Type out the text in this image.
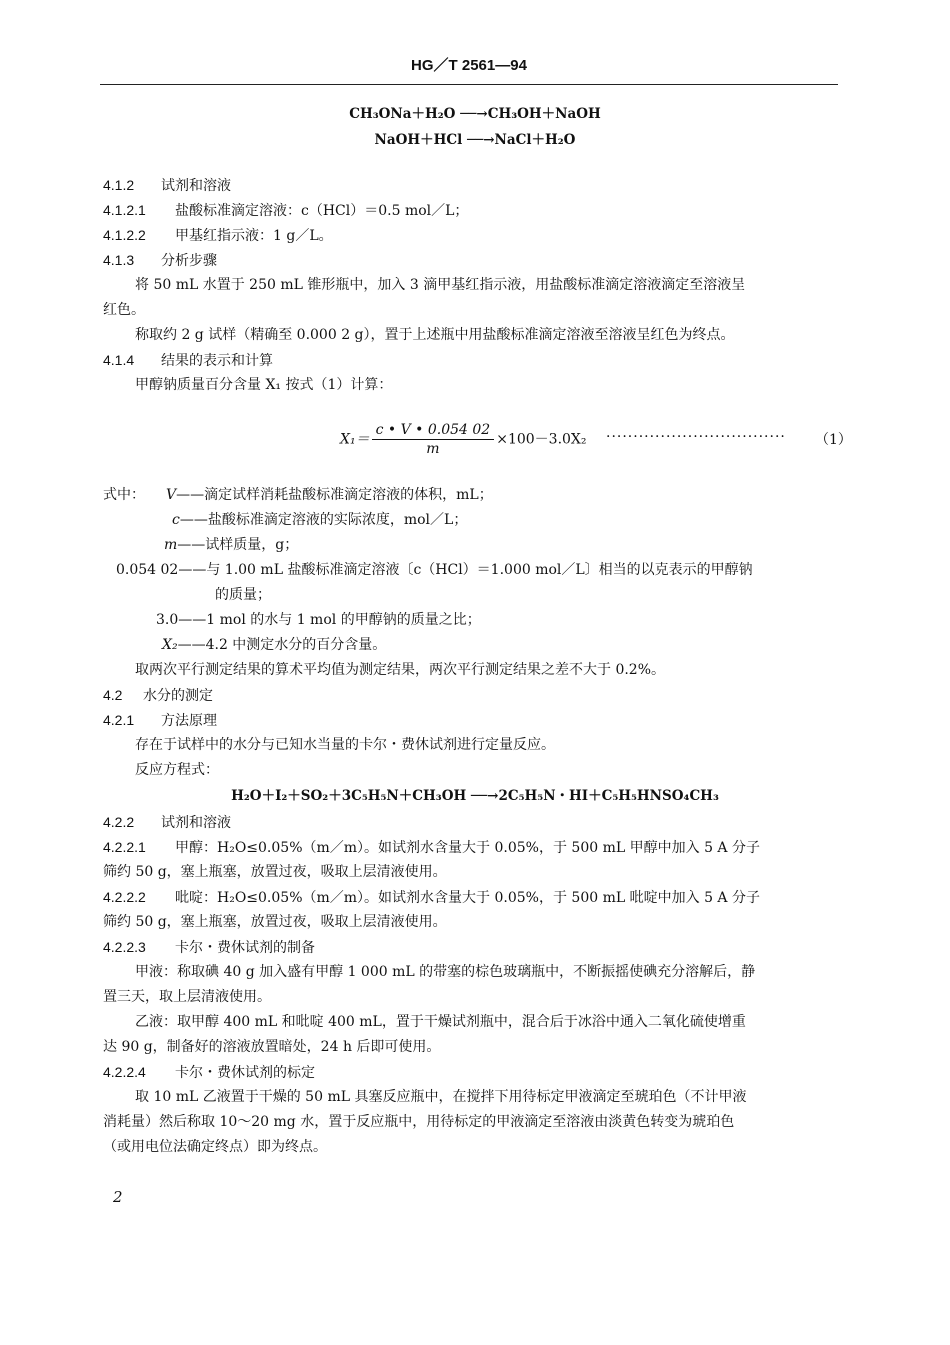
HG／T 2561—94
CH₃ONa＋H₂O ──→CH₃OH＋NaOH
NaOH＋HCl ──→NaCl＋H₂O
4.1.2 试剂和溶液
4.1.2.1 盐酸标准滴定溶液：c（HCl）＝0.5 mol／L；
4.1.2.2 甲基红指示液：1 g／L。
4.1.3 分析步骤
将 50 mL 水置于 250 mL 锥形瓶中，加入 3 滴甲基红指示液，用盐酸标准滴定溶液滴定至溶液呈
红色。
称取约 2 g 试样（精确至 0.000 2 g），置于上述瓶中用盐酸标准滴定溶液至溶液呈红色为终点。
4.1.4 结果的表示和计算
甲醇钠质量百分含量 X₁ 按式（1）计算：
$X_1= \frac{c • V • 0.054 02}{m} \times 100-3.0X_2$ ································· （1）
式中： V——滴定试样消耗盐酸标准滴定溶液的体积，mL；
c——盐酸标准滴定溶液的实际浓度，mol／L；
m——试样质量，g；
0.054 02——与 1.00 mL 盐酸标准滴定溶液〔c（HCl）＝1.000 mol／L〕相当的以克表示的甲醇钠
的质量；
3.0——1 mol 的水与 1 mol 的甲醇钠的质量之比；
X₂——4.2 中测定水分的百分含量。
取两次平行测定结果的算术平均值为测定结果，两次平行测定结果之差不大于 0.2%。
4.2 水分的测定
4.2.1 方法原理
存在于试样中的水分与已知水当量的卡尔・费休试剂进行定量反应。
反应方程式：
H₂O＋I₂＋SO₂＋3C₅H₅N＋CH₃OH ──→2C₅H₅N・HI＋C₅H₅HNSO₄CH₃
4.2.2 试剂和溶液
4.2.2.1 甲醇：H₂O≤0.05%（m／m）。如试剂水含量大于 0.05%，于 500 mL 甲醇中加入 5 A 分子
筛约 50 g，塞上瓶塞，放置过夜，吸取上层清液使用。
4.2.2.2 吡啶：H₂O≤0.05%（m／m）。如试剂水含量大于 0.05%，于 500 mL 吡啶中加入 5 A 分子
筛约 50 g，塞上瓶塞，放置过夜，吸取上层清液使用。
4.2.2.3 卡尔・费休试剂的制备
甲液：称取碘 40 g 加入盛有甲醇 1 000 mL 的带塞的棕色玻璃瓶中，不断振摇使碘充分溶解后，静
置三天，取上层清液使用。
乙液：取甲醇 400 mL 和吡啶 400 mL，置于干燥试剂瓶中，混合后于冰浴中通入二氧化硫使增重
达 90 g，制备好的溶液放置暗处，24 h 后即可使用。
4.2.2.4 卡尔・费休试剂的标定
取 10 mL 乙液置于干燥的 50 mL 具塞反应瓶中，在搅拌下用待标定甲液滴定至琥珀色（不计甲液
消耗量）然后称取 10～20 mg 水，置于反应瓶中，用待标定的甲液滴定至溶液由淡黄色转变为琥珀色
（或用电位法确定终点）即为终点。
2
